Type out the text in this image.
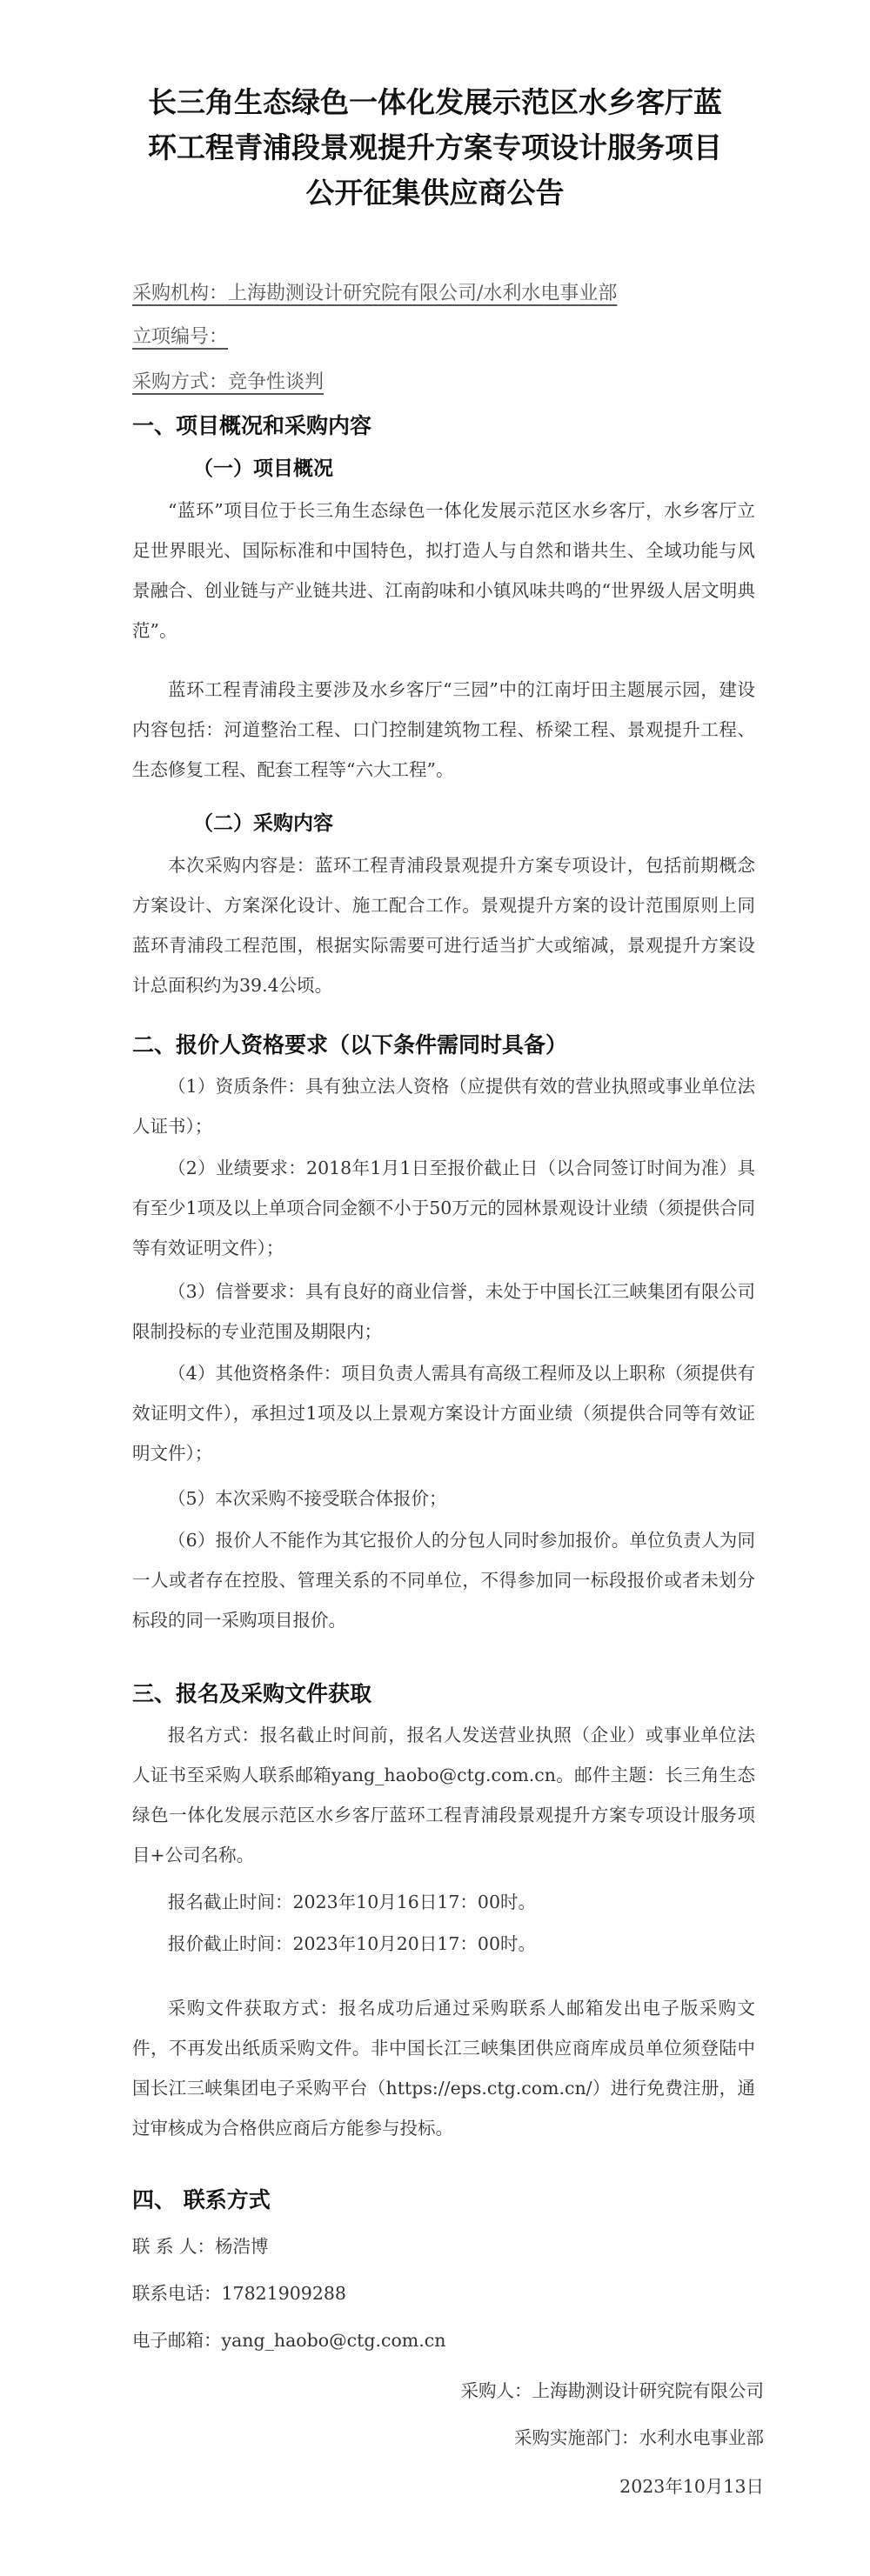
长三角生态绿色一体化发展示范区水乡客厅蓝
环工程青浦段景观提升方案专项设计服务项目
公开征集供应商公告
采购机构：上海勘测设计研究院有限公司/水利水电事业部
立项编号：
采购方式：竞争性谈判
一、项目概况和采购内容
（一）项目概况
“蓝环”项目位于长三角生态绿色一体化发展示范区水乡客厅，水乡客厅立足世界眼光、国际标准和中国特色，拟打造人与自然和谐共生、全域功能与风景融合、创业链与产业链共进、江南韵味和小镇风味共鸣的“世界级人居文明典范”。
蓝环工程青浦段主要涉及水乡客厅“三园”中的江南圩田主题展示园，建设内容包括：河道整治工程、口门控制建筑物工程、桥梁工程、景观提升工程、生态修复工程、配套工程等“六大工程”。
（二）采购内容
本次采购内容是：蓝环工程青浦段景观提升方案专项设计，包括前期概念方案设计、方案深化设计、施工配合工作。景观提升方案的设计范围原则上同蓝环青浦段工程范围，根据实际需要可进行适当扩大或缩减，景观提升方案设计总面积约为39.4公顷。
二、报价人资格要求（以下条件需同时具备）
（1）资质条件：具有独立法人资格（应提供有效的营业执照或事业单位法人证书）；
（2）业绩要求：2018年1月1日至报价截止日（以合同签订时间为准）具有至少1项及以上单项合同金额不小于50万元的园林景观设计业绩（须提供合同等有效证明文件）；
（3）信誉要求：具有良好的商业信誉，未处于中国长江三峡集团有限公司限制投标的专业范围及期限内；
（4）其他资格条件：项目负责人需具有高级工程师及以上职称（须提供有效证明文件），承担过1项及以上景观方案设计方面业绩（须提供合同等有效证明文件）；
（5）本次采购不接受联合体报价；
（6）报价人不能作为其它报价人的分包人同时参加报价。单位负责人为同一人或者存在控股、管理关系的不同单位，不得参加同一标段报价或者未划分标段的同一采购项目报价。
三、报名及采购文件获取
报名方式：报名截止时间前，报名人发送营业执照（企业）或事业单位法人证书至采购人联系邮箱yang_haobo@ctg.com.cn。邮件主题：长三角生态绿色一体化发展示范区水乡客厅蓝环工程青浦段景观提升方案专项设计服务项目+公司名称。
报名截止时间：2023年10月16日17：00时。
报价截止时间：2023年10月20日17：00时。
采购文件获取方式：报名成功后通过采购联系人邮箱发出电子版采购文件，不再发出纸质采购文件。非中国长江三峡集团供应商库成员单位须登陆中国长江三峡集团电子采购平台（https://eps.ctg.com.cn/）进行免费注册，通过审核成为合格供应商后方能参与投标。
四、 联系方式
联 系 人：杨浩博
联系电话：17821909288
电子邮箱：yang_haobo@ctg.com.cn
采购人：上海勘测设计研究院有限公司
采购实施部门：水利水电事业部
2023年10月13日
